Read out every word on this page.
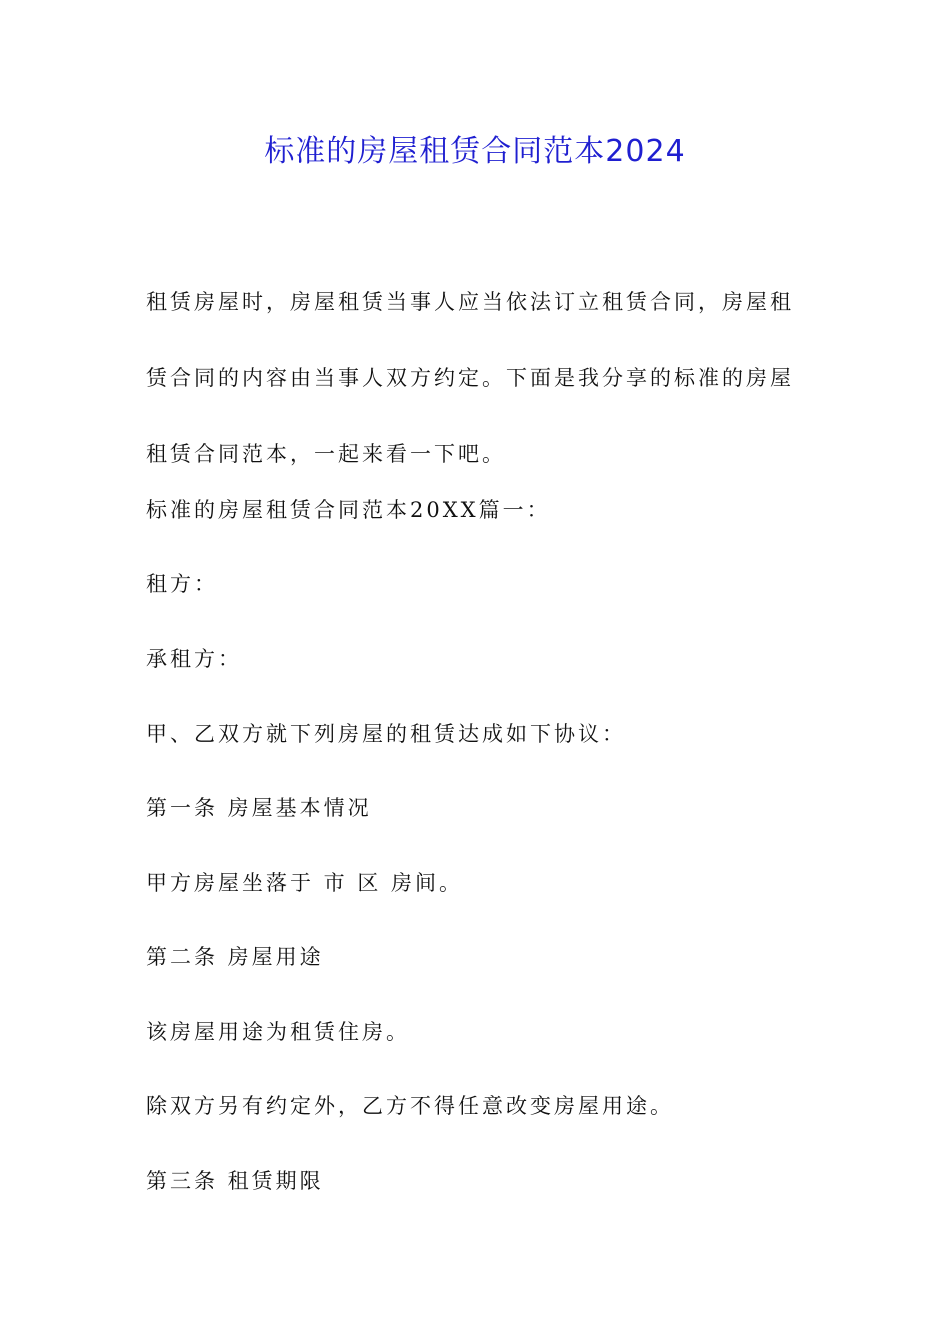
标准的房屋租赁合同范本2024

租赁房屋时，房屋租赁当事人应当依法订立租赁合同，房屋租

赁合同的内容由当事人双方约定。下面是我分享的标准的房屋

租赁合同范本，一起来看一下吧。

标准的房屋租赁合同范本20XX篇一：
租方：
承租方：
甲、乙双方就下列房屋的租赁达成如下协议：
第一条 房屋基本情况
甲方房屋坐落于 市 区 房间。
第二条 房屋用途
该房屋用途为租赁住房。
除双方另有约定外，乙方不得任意改变房屋用途。
第三条 租赁期限
